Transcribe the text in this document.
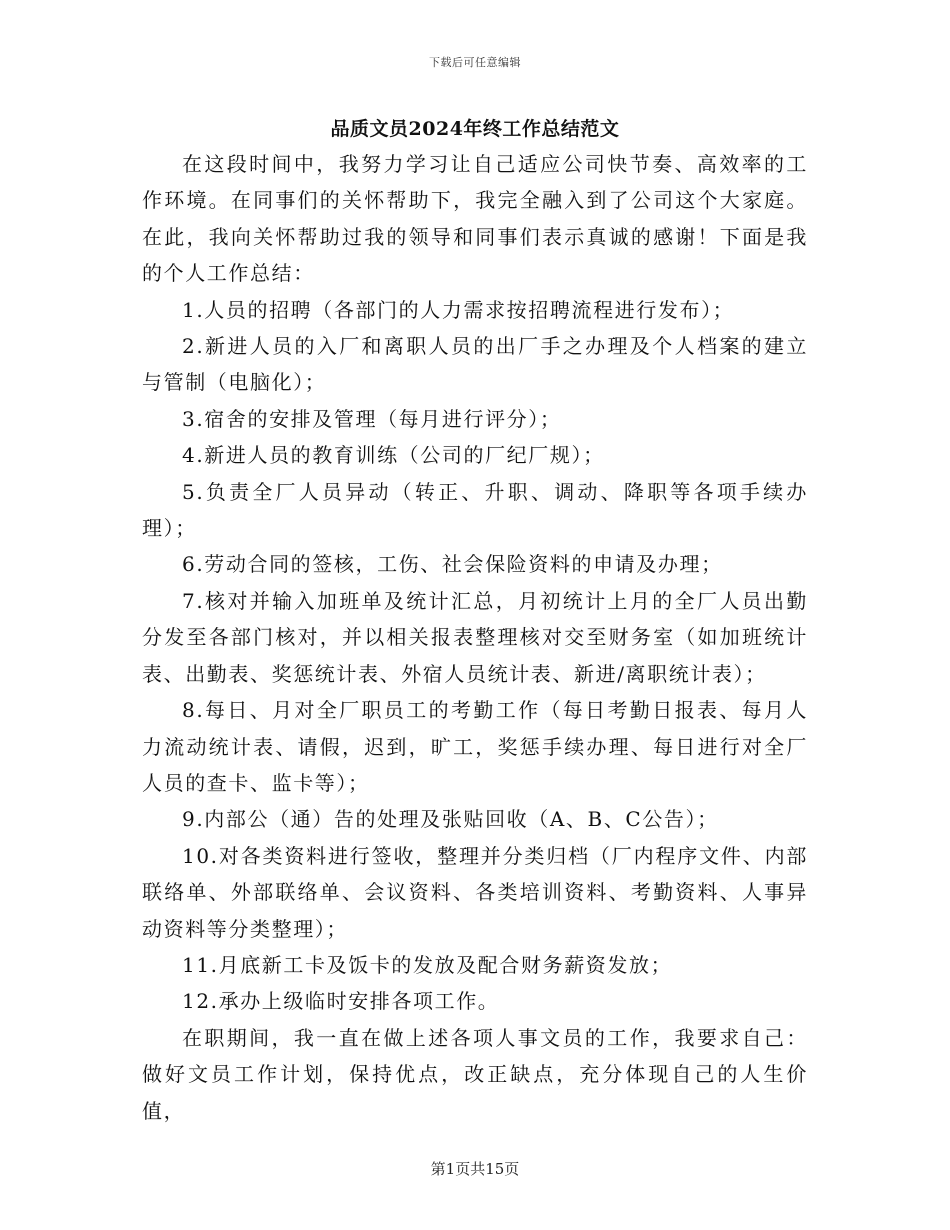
下载后可任意编辑
品质文员2024年终工作总结范文

在这段时间中，我努力学习让自己适应公司快节奏、高效率的工作环境。在同事们的关怀帮助下，我完全融入到了公司这个大家庭。在此，我向关怀帮助过我的领导和同事们表示真诚的感谢！下面是我的个人工作总结：

1.人员的招聘（各部门的人力需求按招聘流程进行发布）；

2.新进人员的入厂和离职人员的出厂手之办理及个人档案的建立与管制（电脑化）；

3.宿舍的安排及管理（每月进行评分）；

4.新进人员的教育训练（公司的厂纪厂规）；

5.负责全厂人员异动（转正、升职、调动、降职等各项手续办理）；

6.劳动合同的签核，工伤、社会保险资料的申请及办理；

7.核对并输入加班单及统计汇总，月初统计上月的全厂人员出勤分发至各部门核对，并以相关报表整理核对交至财务室（如加班统计表、出勤表、奖惩统计表、外宿人员统计表、新进/离职统计表）；

8.每日、月对全厂职员工的考勤工作（每日考勤日报表、每月人力流动统计表、请假，迟到，旷工，奖惩手续办理、每日进行对全厂人员的查卡、监卡等）；

9.内部公（通）告的处理及张贴回收（A、B、C公告）；

10.对各类资料进行签收，整理并分类归档（厂内程序文件、内部联络单、外部联络单、会议资料、各类培训资料、考勤资料、人事异动资料等分类整理）；

11.月底新工卡及饭卡的发放及配合财务薪资发放；

12.承办上级临时安排各项工作。

在职期间，我一直在做上述各项人事文员的工作，我要求自己：做好文员工作计划，保持优点，改正缺点，充分体现自己的人生价值，

第1页共15页
